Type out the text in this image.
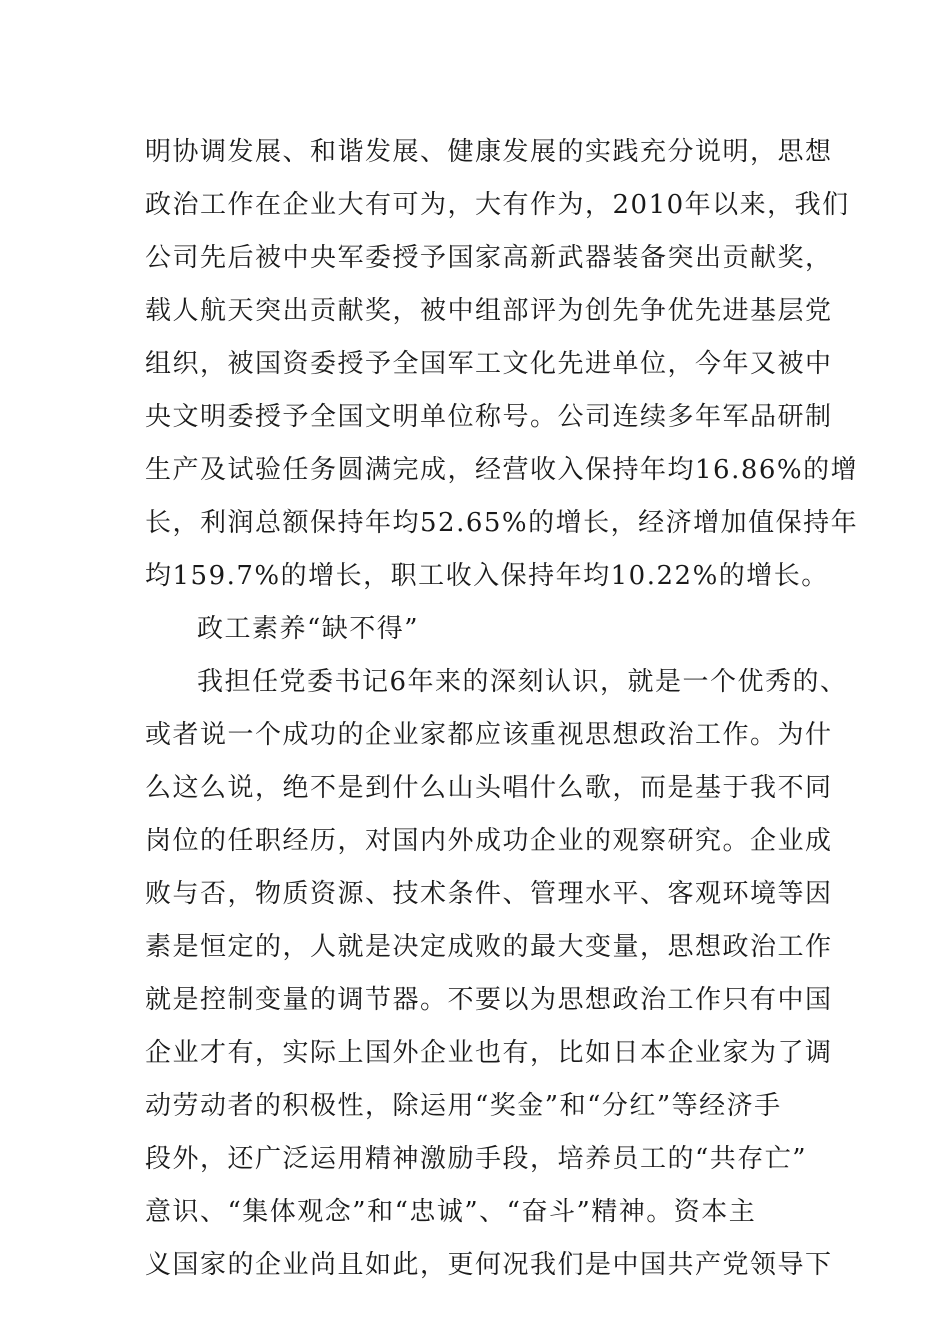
明协调发展、和谐发展、健康发展的实践充分说明，思想
政治工作在企业大有可为，大有作为，2010年以来，我们
公司先后被中央军委授予国家高新武器装备突出贡献奖，
载人航天突出贡献奖，被中组部评为创先争优先进基层党
组织，被国资委授予全国军工文化先进单位，今年又被中
央文明委授予全国文明单位称号。公司连续多年军品研制
生产及试验任务圆满完成，经营收入保持年均16.86%的增
长，利润总额保持年均52.65%的增长，经济增加值保持年
均159.7%的增长，职工收入保持年均10.22%的增长。
政工素养“缺不得”
我担任党委书记6年来的深刻认识，就是一个优秀的、
或者说一个成功的企业家都应该重视思想政治工作。为什
么这么说，绝不是到什么山头唱什么歌，而是基于我不同
岗位的任职经历，对国内外成功企业的观察研究。企业成
败与否，物质资源、技术条件、管理水平、客观环境等因
素是恒定的，人就是决定成败的最大变量，思想政治工作
就是控制变量的调节器。不要以为思想政治工作只有中国
企业才有，实际上国外企业也有，比如日本企业家为了调
动劳动者的积极性，除运用“奖金”和“分红”等经济手
段外，还广泛运用精神激励手段，培养员工的“共存亡”
意识、“集体观念”和“忠诚”、“奋斗”精神。资本主
义国家的企业尚且如此，更何况我们是中国共产党领导下
